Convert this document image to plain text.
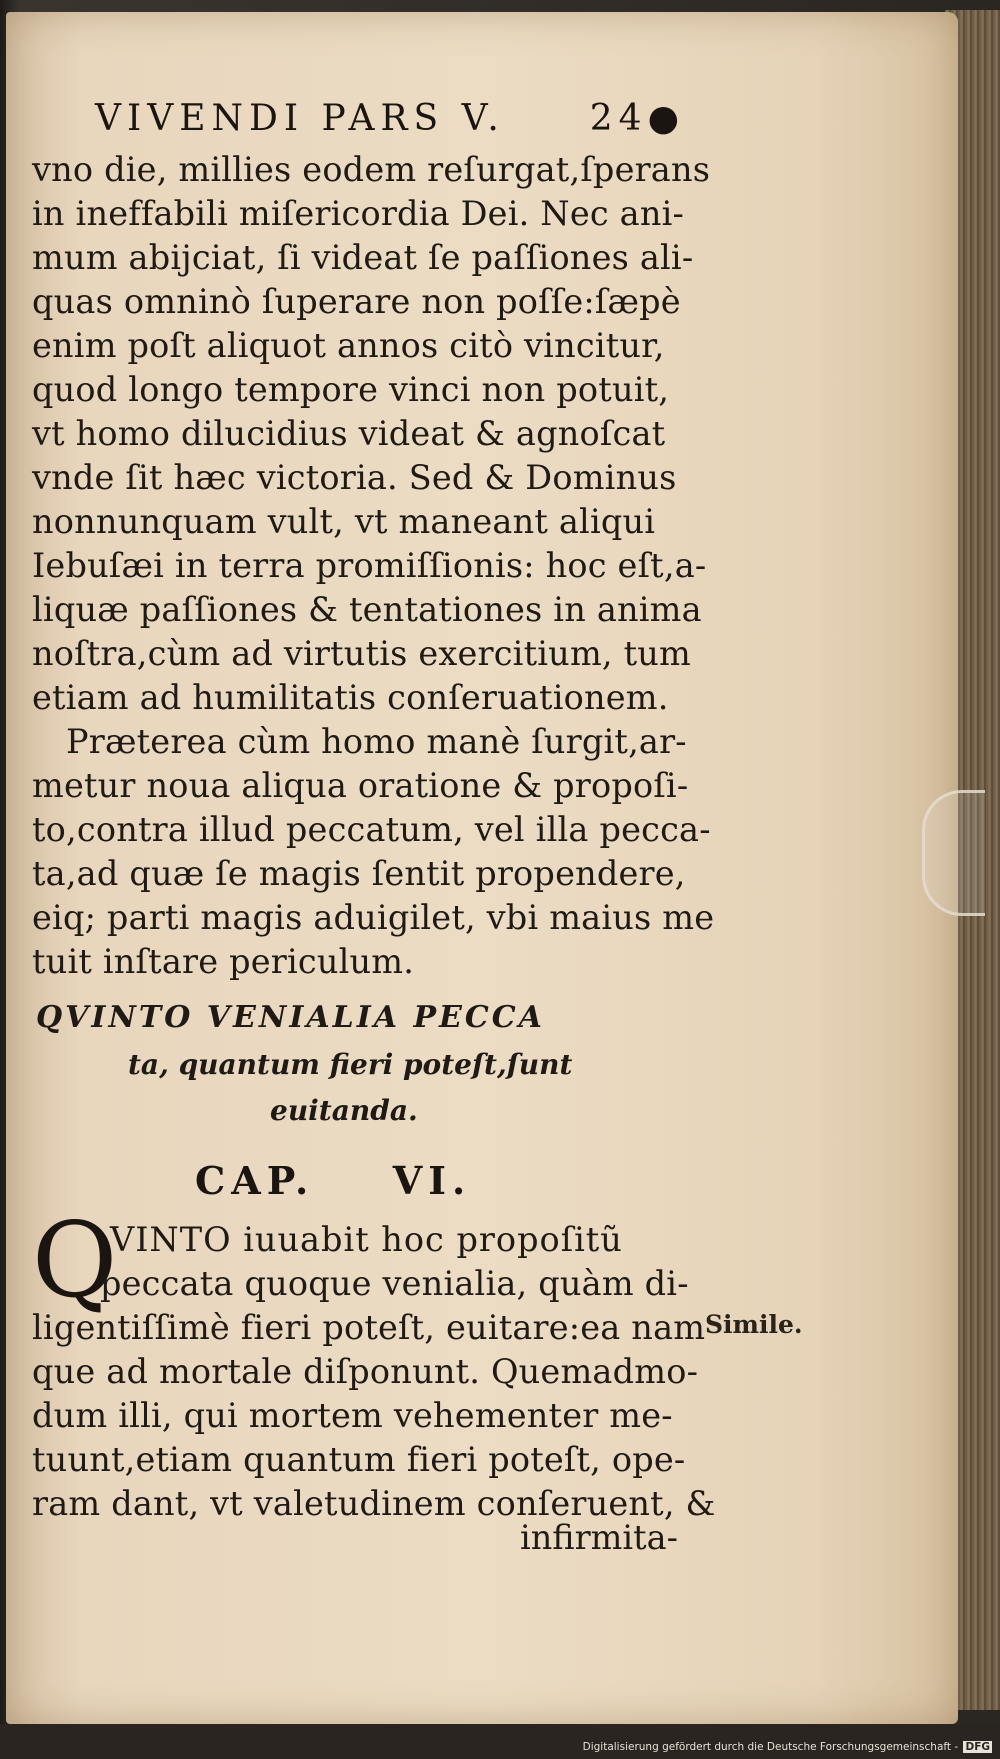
VIVENDI PARS V. 24●
vno die, millies eodem reſurgat,ſperans
in ineffabili miſericordia Dei. Nec ani-
mum abijciat, ſi videat ſe paſſiones ali-
quas omninò ſuperare non poſſe:ſæpè
enim poſt aliquot annos citò vincitur,
quod longo tempore vinci non potuit,
vt homo dilucidius videat & agnoſcat
vnde ſit hæc victoria. Sed & Dominus
nonnunquam vult, vt maneant aliqui
Iebuſæi in terra promiſſionis: hoc eſt,a-
liquæ paſſiones & tentationes in anima
noſtra,cùm ad virtutis exercitium, tum
etiam ad humilitatis conſeruationem.
Præterea cùm homo manè ſurgit,ar-
metur noua aliqua oratione & propoſi-
to,contra illud peccatum, vel illa pecca-
ta,ad quæ ſe magis ſentit propendere,
eiq; parti magis aduigilet, vbi maius me
tuit inſtare periculum.
QVINTO VENIALIA PECCA
ta, quantum fieri poteſt,ſunt
euitanda.
CAP. VI.
Q
VINTO iuuabit hoc propoſitũ
peccata quoque venialia, quàm di-
ligentiſſimè fieri poteſt, euitare:ea nam
que ad mortale diſponunt. Quemadmo-
dum illi, qui mortem vehementer me-
tuunt,etiam quantum fieri poteſt, ope-
ram dant, vt valetudinem conſeruent, &
Simile.
infirmita-
Digitalisierung gefördert durch die Deutsche Forschungsgemeinschaft - DFG
